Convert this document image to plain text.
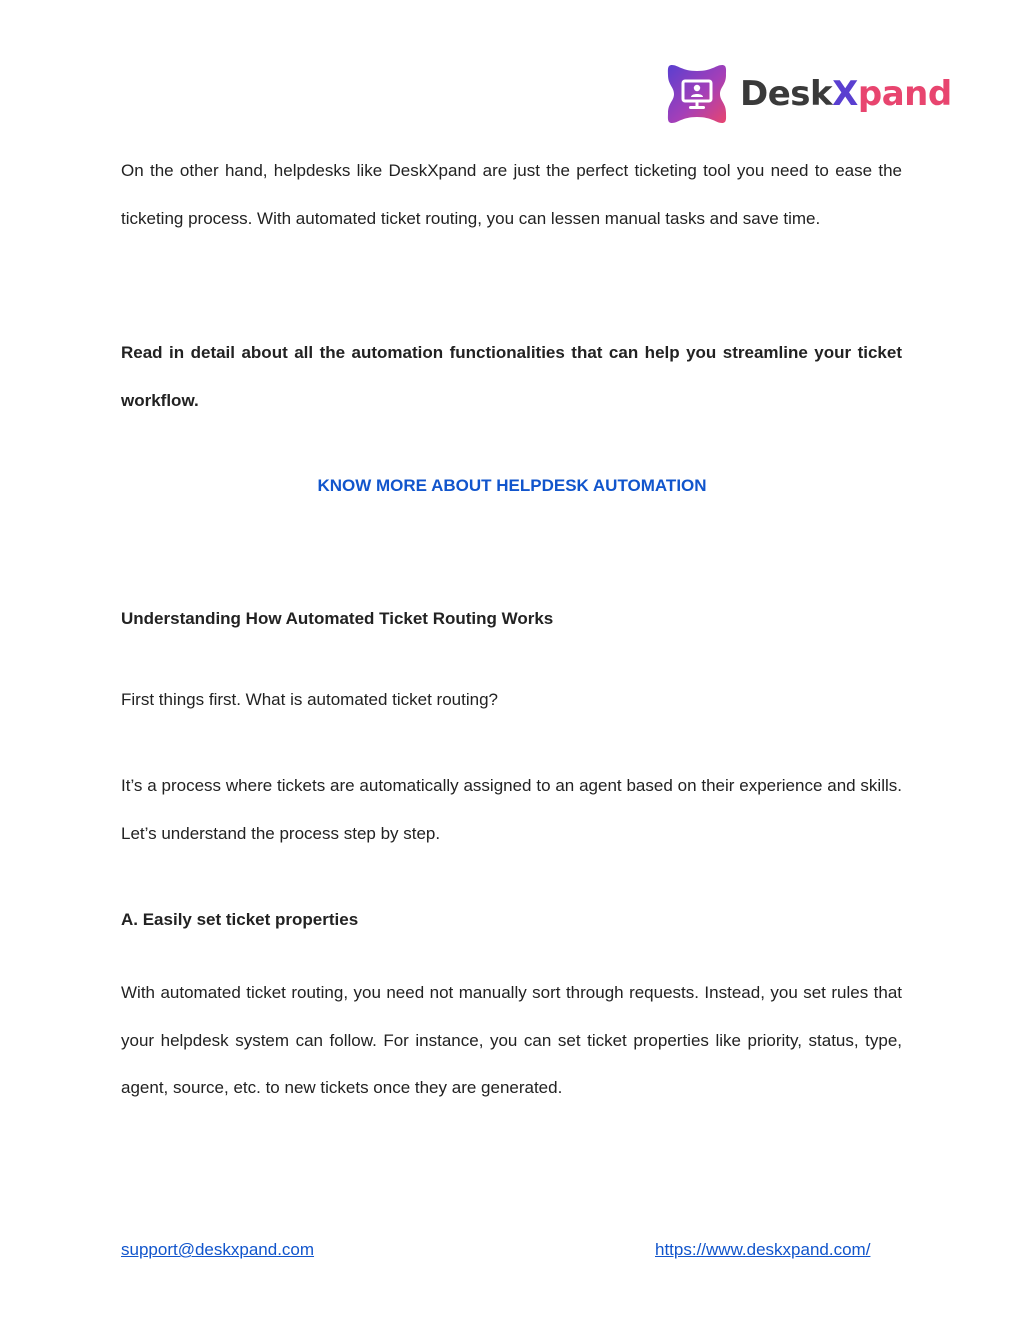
DeskXpand

On the other hand, helpdesks like DeskXpand are just the perfect ticketing tool you need to ease the ticketing process. With automated ticket routing, you can lessen manual tasks and save time.

Read in detail about all the automation functionalities that can help you streamline your ticket workflow.

KNOW MORE ABOUT HELPDESK AUTOMATION

Understanding How Automated Ticket Routing Works

First things first. What is automated ticket routing?

It’s a process where tickets are automatically assigned to an agent based on their experience and skills. Let’s understand the process step by step.

A. Easily set ticket properties

With automated ticket routing, you need not manually sort through requests. Instead, you set rules that your helpdesk system can follow. For instance, you can set ticket properties like priority, status, type, agent, source, etc. to new tickets once they are generated.

support@deskxpand.com	https://www.deskxpand.com/
